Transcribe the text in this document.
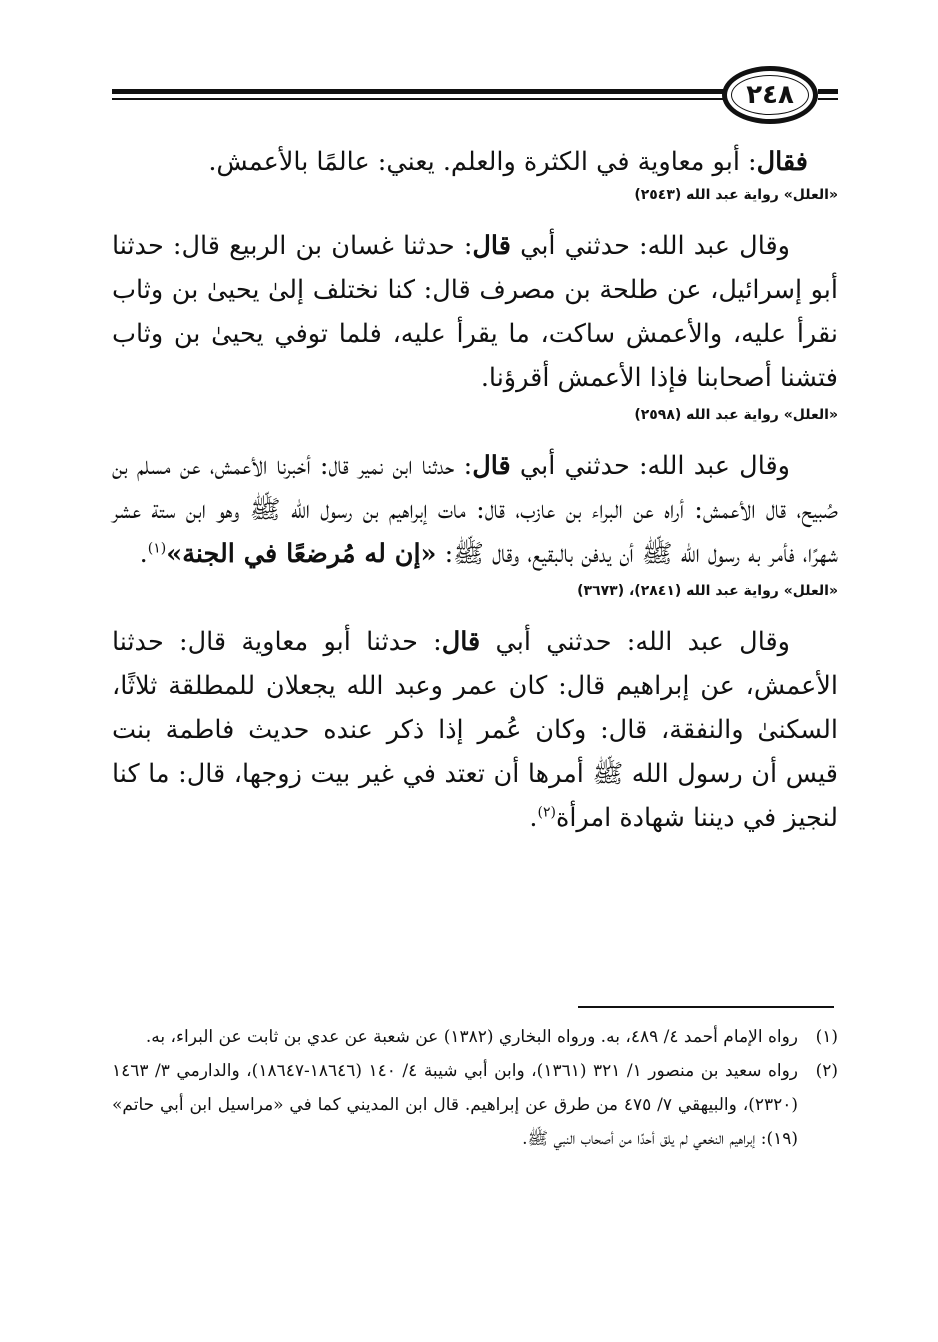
٢٤٨

فقال: أبو معاوية في الكثرة والعلم. يعني: عالمًا بالأعمش.

«العلل» رواية عبد الله (٢٥٤٣)

وقال عبد الله: حدثني أبي قال: حدثنا غسان بن الربيع قال: حدثنا أبو إسرائيل، عن طلحة بن مصرف قال: كنا نختلف إلىٰ يحيىٰ بن وثاب نقرأ عليه، والأعمش ساكت، ما يقرأ عليه، فلما توفي يحيىٰ بن وثاب فتشنا أصحابنا فإذا الأعمش أقرؤنا.

«العلل» رواية عبد الله (٢٥٩٨)

وقال عبد الله: حدثني أبي قال: حدثنا ابن نمير قال: أخبرنا الأعمش، عن مسلم بن صُبيح، قال الأعمش: أراه عن البراء بن عازب، قال: مات إبراهيم بن رسول الله ﷺ وهو ابن ستة عشر شهرًا، فأمر به رسول الله ﷺ أن يدفن بالبقيع، وقال ﷺ: «إن له مُرضعًا في الجنة»$^{(١)}$.

«العلل» رواية عبد الله (٢٨٤١)، (٣٦٧٣)

وقال عبد الله: حدثني أبي قال: حدثنا أبو معاوية قال: حدثنا الأعمش، عن إبراهيم قال: كان عمر وعبد الله يجعلان للمطلقة ثلاثًا، السكنىٰ والنفقة، قال: وكان عُمر إذا ذكر عنده حديث فاطمة بنت قيس أن رسول الله ﷺ أمرها أن تعتد في غير بيت زوجها، قال: ما كنا لنجيز في ديننا شهادة امرأة$^{(٢)}$.

(١)
رواه الإمام أحمد ٤/ ٤٨٩، به. ورواه البخاري (١٣٨٢) عن شعبة عن عدي بن ثابت عن البراء، به.
(٢)
رواه سعيد بن منصور ١/ ٣٢١ (١٣٦١)، وابن أبي شيبة ٤/ ١٤٠ (١٨٦٤٦-١٨٦٤٧)، والدارمي ٣/ ١٤٦٣ (٢٣٢٠)، والبيهقي ٧/ ٤٧٥ من طرق عن إبراهيم. قال ابن المديني كما في «مراسيل ابن أبي حاتم» (١٩): إبراهيم النخعي لم يلق أحدًا من أصحاب النبي ﷺ.
